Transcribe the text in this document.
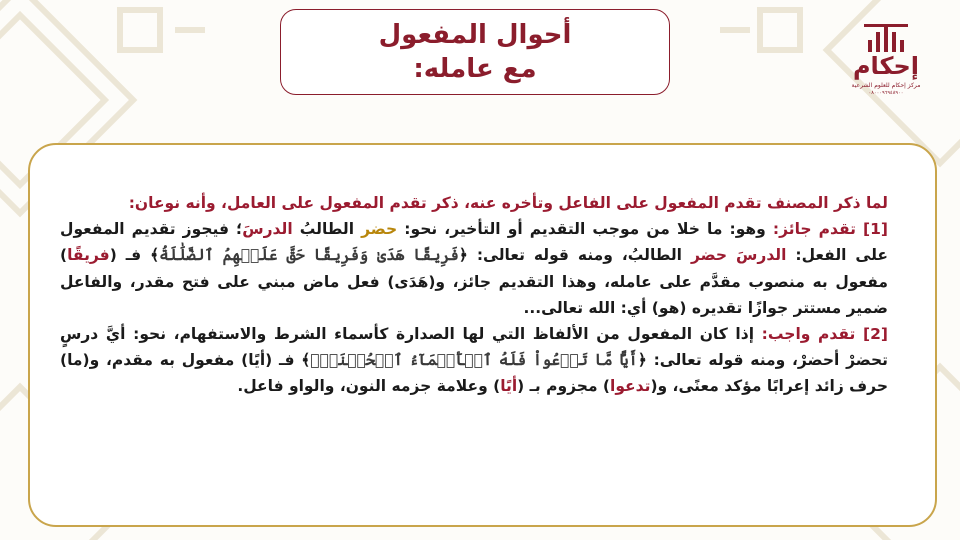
أحوال المفعول
مع عامله:	إحكام
مركز إحكام للعلوم الشرعية
٠٨٠٠٠٩٦٩٤٨٩٠٠

لما ذكر المصنف تقدم المفعول على الفاعل وتأخره عنه، ذكر تقدم المفعول على العامل، وأنه نوعان:

[1] تقدم جائز: وهو: ما خلا من موجب التقديم أو التأخير، نحو: حضر الطالبُ الدرسَ؛ فيجوز تقديم المفعول على الفعل: الدرسَ حضر الطالبُ، ومنه قوله تعالى: ﴿فَرِيقًا هَدَىٰ وَفَرِيقًا حَقَّ عَلَيۡهِمُ ٱلضَّلَٰلَةُ﴾ فـ (فريقًا) مفعول به منصوب مقدَّم على عامله، وهذا التقديم جائز، و(هَدَى) فعل ماض مبني على فتح مقدر، والفاعل ضمير مستتر جوازًا تقديره (هو) أي: الله تعالى...

[2] تقدم واجب: إذا كان المفعول من الألفاظ التي لها الصدارة كأسماء الشرط والاستفهام، نحو: أيَّ درسٍ تحضرْ أحضرْ، ومنه قوله تعالى: ﴿أَيًّا مَّا تَدۡعُواْ فَلَهُ ٱلۡأَسۡمَآءُ ٱلۡحُسۡنَىٰۚ﴾ فـ (أيًا) مفعول به مقدم، و(ما) حرف زائد إعرابًا مؤكد معنًى، و(تدعوا) مجزوم بـ (أيًا) وعلامة جزمه النون، والواو فاعل.
